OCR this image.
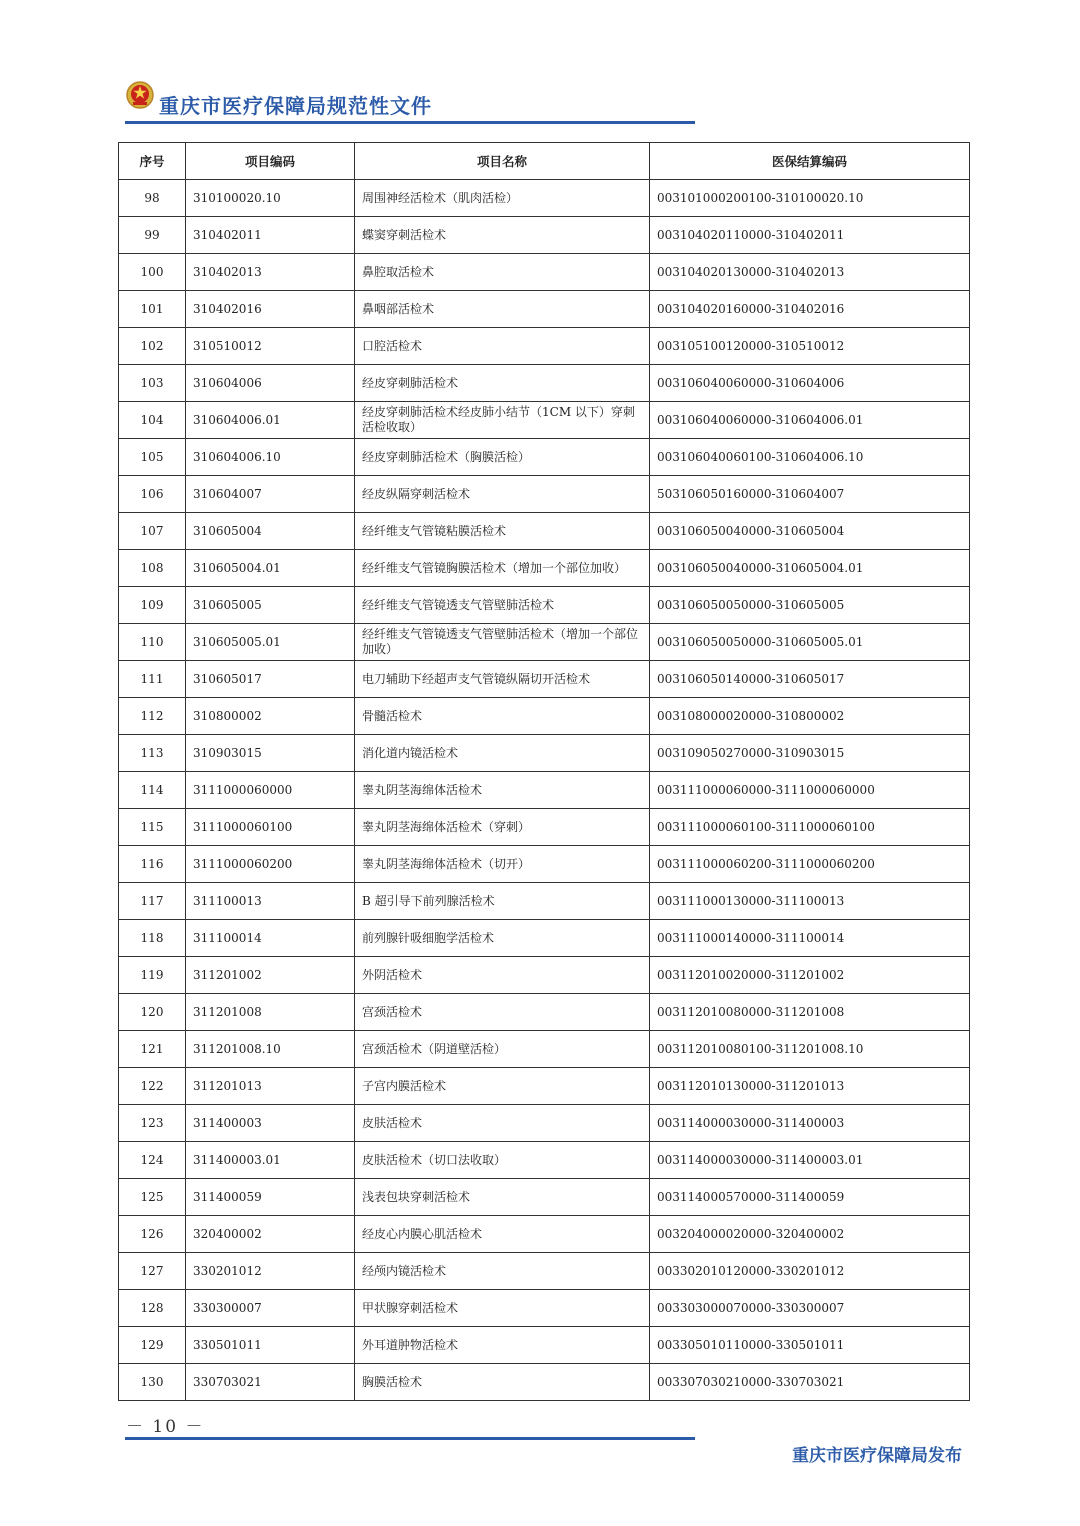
重庆市医疗保障局规范性文件
序号	项目编码	项目名称	医保结算编码
98	310100020.10	周围神经活检术（肌肉活检）	003101000200100-310100020.10
99	310402011	蝶窦穿刺活检术	003104020110000-310402011
100	310402013	鼻腔取活检术	003104020130000-310402013
101	310402016	鼻咽部活检术	003104020160000-310402016
102	310510012	口腔活检术	003105100120000-310510012
103	310604006	经皮穿刺肺活检术	003106040060000-310604006
104	310604006.01	经皮穿刺肺活检术经皮肺小结节（1CM 以下）穿刺活检收取）	003106040060000-310604006.01
105	310604006.10	经皮穿刺肺活检术（胸膜活检）	003106040060100-310604006.10
106	310604007	经皮纵隔穿刺活检术	503106050160000-310604007
107	310605004	经纤维支气管镜粘膜活检术	003106050040000-310605004
108	310605004.01	经纤维支气管镜胸膜活检术（增加一个部位加收）	003106050040000-310605004.01
109	310605005	经纤维支气管镜透支气管壁肺活检术	003106050050000-310605005
110	310605005.01	经纤维支气管镜透支气管壁肺活检术（增加一个部位加收）	003106050050000-310605005.01
111	310605017	电刀辅助下经超声支气管镜纵隔切开活检术	003106050140000-310605017
112	310800002	骨髓活检术	003108000020000-310800002
113	310903015	消化道内镜活检术	003109050270000-310903015
114	3111000060000	睾丸阴茎海绵体活检术	003111000060000-3111000060000
115	3111000060100	睾丸阴茎海绵体活检术（穿刺）	003111000060100-3111000060100
116	3111000060200	睾丸阴茎海绵体活检术（切开）	003111000060200-3111000060200
117	311100013	B 超引导下前列腺活检术	003111000130000-311100013
118	311100014	前列腺针吸细胞学活检术	003111000140000-311100014
119	311201002	外阴活检术	003112010020000-311201002
120	311201008	宫颈活检术	003112010080000-311201008
121	311201008.10	宫颈活检术（阴道壁活检）	003112010080100-311201008.10
122	311201013	子宫内膜活检术	003112010130000-311201013
123	311400003	皮肤活检术	003114000030000-311400003
124	311400003.01	皮肤活检术（切口法收取）	003114000030000-311400003.01
125	311400059	浅表包块穿刺活检术	003114000570000-311400059
126	320400002	经皮心内膜心肌活检术	003204000020000-320400002
127	330201012	经颅内镜活检术	003302010120000-330201012
128	330300007	甲状腺穿刺活检术	003303000070000-330300007
129	330501011	外耳道肿物活检术	003305010110000-330501011
130	330703021	胸膜活检术	003307030210000-330703021
－ 10 －
重庆市医疗保障局发布
